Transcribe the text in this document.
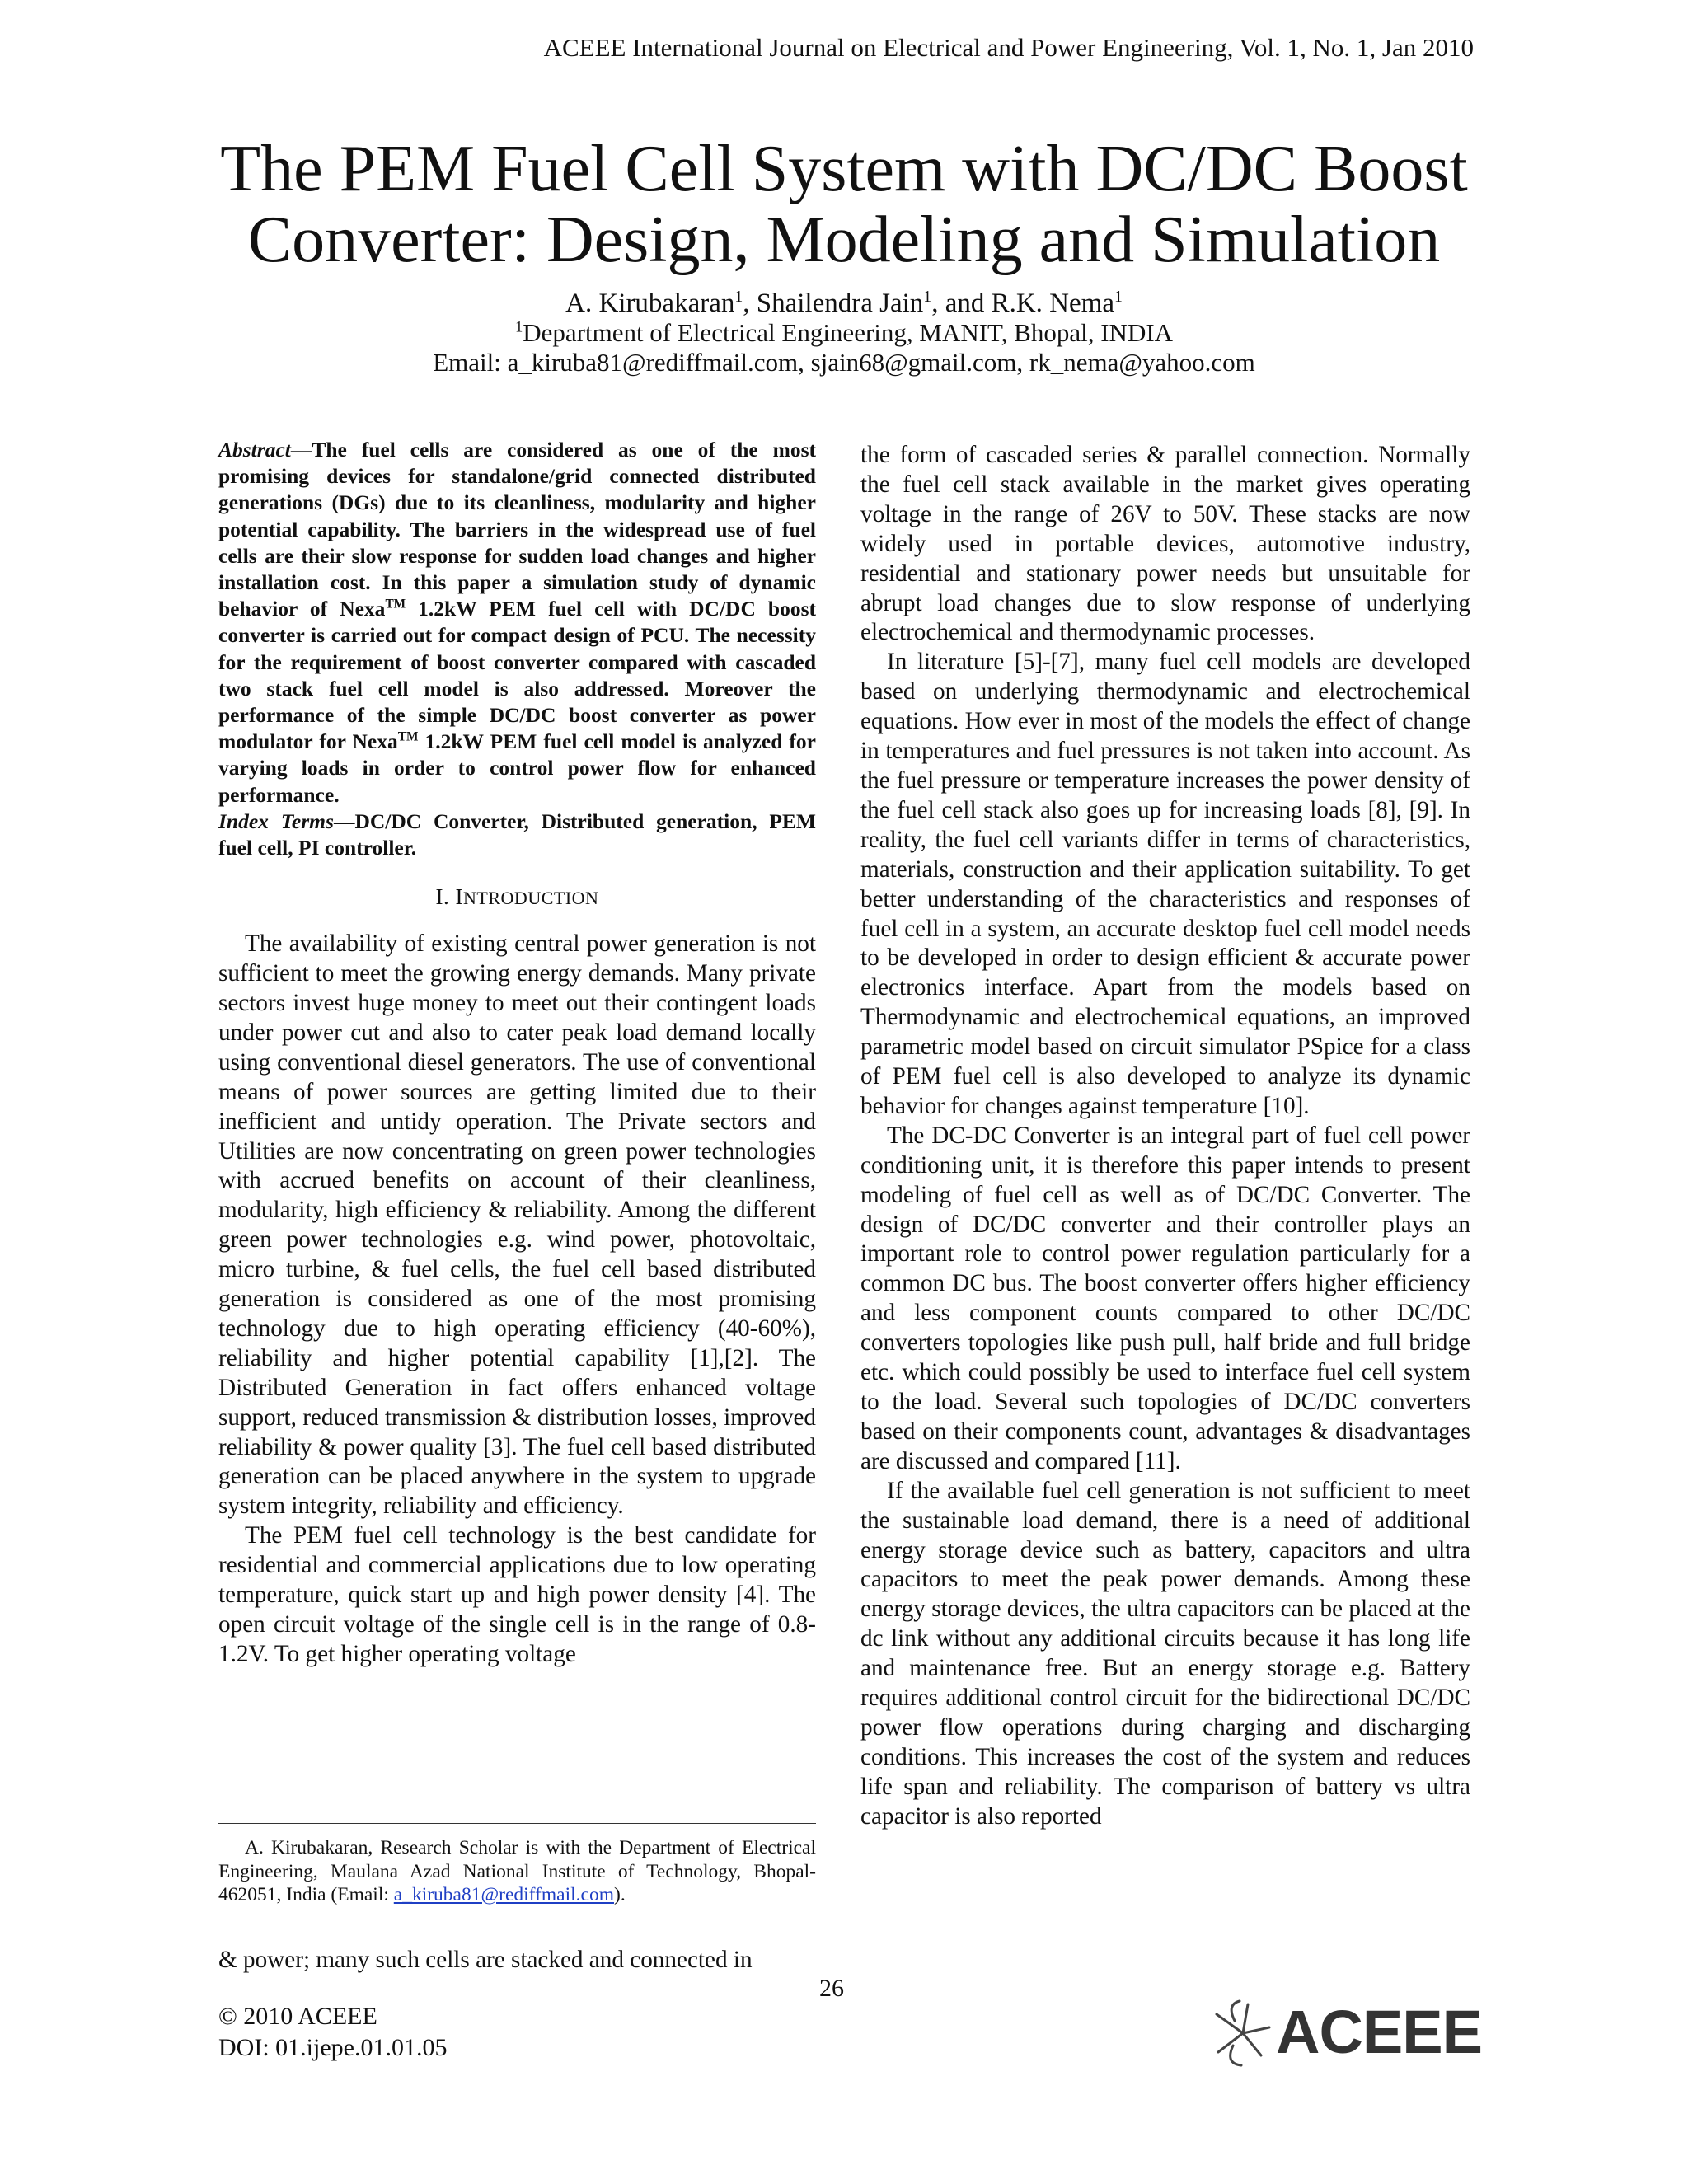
ACEEE International Journal on Electrical and Power Engineering, Vol. 1, No. 1, Jan 2010
The PEM Fuel Cell System with DC/DC Boost
Converter: Design, Modeling and Simulation
A. Kirubakaran$^1$, Shailendra Jain$^1$, and R.K. Nema$^1$
$^1$Department of Electrical Engineering, MANIT, Bhopal, INDIA
Email: a_kiruba81@rediffmail.com, sjain68@gmail.com, rk_nema@yahoo.com

Abstract—The fuel cells are considered as one of the most promising devices for standalone/grid connected distributed generations (DGs) due to its cleanliness, modularity and higher potential capability. The barriers in the widespread use of fuel cells are their slow response for sudden load changes and higher installation cost. In this paper a simulation study of dynamic behavior of Nexa™ 1.2kW PEM fuel cell with DC/DC boost converter is carried out for compact design of PCU. The necessity for the requirement of boost converter compared with cascaded two stack fuel cell model is also addressed. Moreover the performance of the simple DC/DC boost converter as power modulator for Nexa™ 1.2kW PEM fuel cell model is analyzed for varying loads in order to control power flow for enhanced performance.

Index Terms—DC/DC Converter, Distributed generation, PEM fuel cell, PI controller.

I. INTRODUCTION

The availability of existing central power generation is not sufficient to meet the growing energy demands. Many private sectors invest huge money to meet out their contingent loads under power cut and also to cater peak load demand locally using conventional diesel generators. The use of conventional means of power sources are getting limited due to their inefficient and untidy operation. The Private sectors and Utilities are now concentrating on green power technologies with accrued benefits on account of their cleanliness, modularity, high efficiency & reliability. Among the different green power technologies e.g. wind power, photovoltaic, micro turbine, & fuel cells, the fuel cell based distributed generation is considered as one of the most promising technology due to high operating efficiency (40-60%), reliability and higher potential capability [1],[2]. The Distributed Generation in fact offers enhanced voltage support, reduced transmission & distribution losses, improved reliability & power quality [3]. The fuel cell based distributed generation can be placed anywhere in the system to upgrade system integrity, reliability and efficiency.

The PEM fuel cell technology is the best candidate for residential and commercial applications due to low operating temperature, quick start up and high power density [4]. The open circuit voltage of the single cell is in the range of 0.8-1.2V. To get higher operating voltage

A. Kirubakaran, Research Scholar is with the Department of Electrical Engineering, Maulana Azad National Institute of Technology, Bhopal-462051, India (Email: a_kiruba81@rediffmail.com).
& power; many such cells are stacked and connected in

the form of cascaded series & parallel connection. Normally the fuel cell stack available in the market gives operating voltage in the range of 26V to 50V. These stacks are now widely used in portable devices, automotive industry, residential and stationary power needs but unsuitable for abrupt load changes due to slow response of underlying electrochemical and thermodynamic processes.

In literature [5]-[7], many fuel cell models are developed based on underlying thermodynamic and electrochemical equations. How ever in most of the models the effect of change in temperatures and fuel pressures is not taken into account. As the fuel pressure or temperature increases the power density of the fuel cell stack also goes up for increasing loads [8], [9]. In reality, the fuel cell variants differ in terms of characteristics, materials, construction and their application suitability. To get better understanding of the characteristics and responses of fuel cell in a system, an accurate desktop fuel cell model needs to be developed in order to design efficient & accurate power electronics interface. Apart from the models based on Thermodynamic and electrochemical equations, an improved parametric model based on circuit simulator PSpice for a class of PEM fuel cell is also developed to analyze its dynamic behavior for changes against temperature [10].

The DC-DC Converter is an integral part of fuel cell power conditioning unit, it is therefore this paper intends to present modeling of fuel cell as well as of DC/DC Converter. The design of DC/DC converter and their controller plays an important role to control power regulation particularly for a common DC bus. The boost converter offers higher efficiency and less component counts compared to other DC/DC converters topologies like push pull, half bride and full bridge etc. which could possibly be used to interface fuel cell system to the load. Several such topologies of DC/DC converters based on their components count, advantages & disadvantages are discussed and compared [11].

If the available fuel cell generation is not sufficient to meet the sustainable load demand, there is a need of additional energy storage device such as battery, capacitors and ultra capacitors to meet the peak power demands. Among these energy storage devices, the ultra capacitors can be placed at the dc link without any additional circuits because it has long life and maintenance free. But an energy storage e.g. Battery requires additional control circuit for the bidirectional DC/DC power flow operations during charging and discharging conditions. This increases the cost of the system and reduces life span and reliability. The comparison of battery vs ultra capacitor is also reported

26
© 2010 ACEEE
DOI: 01.ijepe.01.01.05	ACEEE
